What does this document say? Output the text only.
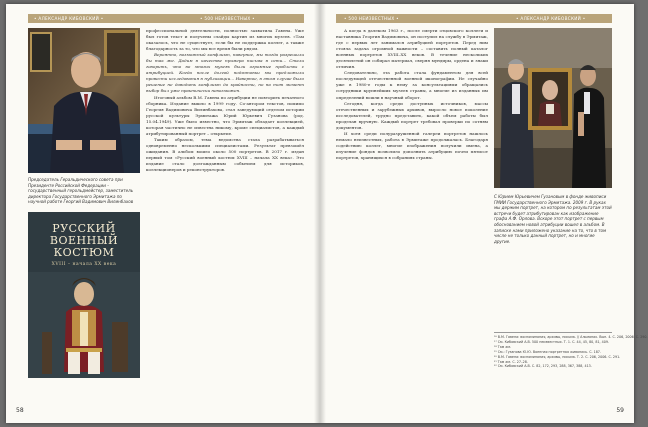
• АЛЕКСАНДР КИБОВСКИЙ •	• 500 НЕИЗВЕСТНЫХ •
Председатель Геральдического совета при Президенте Российской Федерации – государственный герольдмейстер, заместитель директора Государственного Эрмитажа по научной работе Георгий Вадимович Вилинбахов
РУССКИЙ
ВОЕННЫЙ
КОСТЮМ
XVIII – начала XX века

профессиональной деятельности, полностью захватила Гавена. Уже был готов текст и получены слайды картин из многих музеев. «Там оказалось, что не существует, если бы не поддержка коллег, а также благодарность за то, что мы все время были рядом.

Вероятно, возможный конфликт, наверное, мы тогда разрешили бы так же. Дадим в качестве примера письма в сети... Стали говорить, что во многих музеях были огромные проблемы с атрибуцией. Когда после долгой подготовки мы предложили провести исследования в публикации... Наверное, в этом случае было решение не доводить конфликт до крайности, но на тот момент выбор был уже практически невозможен.

Итоговый альбом В.М. Гавена по атрибуции не повторить печатного сборника. Издание вышло в 1999 году. Со-автором текстов, помимо Георгия Вадимовича Вилинбахова, стал заведующий отделом истории русской культуры Эрмитажа Юрий Юрьевич Гузанова (род. 15.04.1949). Уже было известно, что Эрмитаж обладает коллекцией, которая частично не известна никому, кроме специалистов, а каждый атрибутированный портрет – открытие.

Таким образом, тема ведомства стала разрабатываться одновременно несколькими специалистами. Результат превзошёл ожидания. В альбом вошло около 500 портретов. В 2017 г. издан первый том «Русский военный костюм XVIII – начала XX века». Это издание стало долгожданным событием для историков, коллекционеров и реконструкторов.

58
• 500 НЕИЗВЕСТНЫХ •	• АЛЕКСАНДР КИБОВСКИЙ •

А когда в далеком 1963 г., после смерти отцовского коллеги и наставника Георгия Вадимовича, он поступил на службу в Эрмитаж, где с первых лет занимался атрибуцией портретов. Перед ним стояла задача огромной важности – составить полный каталог военных портретов XVIII–XX веков. В течение нескольких десятилетий он собирал материал, сверяя мундиры, ордена и знаки отличия.

Следовательно, эта работа стала фундаментом для всей последующей отечественной военной иконографии. Не случайно уже в 1980-е годы к нему за консультациями обращались сотрудники крупнейших музеев страны, а многие из изданных им определений вошли в научный оборот.

Сегодня, когда среди доступных источников, массы отечественных и зарубежных архивов, выросло новое поколение исследователей, трудно представить, какой объем работы был проделан вручную. Каждый портрет требовал проверки по сотням документов.

И хотя среди полуразрушенной галереи портретов нашлось немало неизвестных, работа в Эрмитаже продолжалась. Благодаря содействию коллег, многие изображения получили имена, а изучение фондов позволило дополнить атрибуцию почти пятисот портретов, хранящихся в собраниях страны.

С Юрием Юрьевичем Гузановым в фонде живописи ГМИИ Государственного Эрмитажа. 2009 г. В руках мы держим портрет, на котором по результатам этой встречи будет атрибутирован как изображение графа А.Ф. Орлова. Вскоре этот портрет с первым обоснованием новой атрибуции вошел в альбом. В записке нами приложено указание на то, что в том числе не только данный портрет, но и многие другие.
¹⁶ В.М. Гавена: воспоминания, архивы, письма. // Альманах. Вып. 4. С. 206, 2006. С. 290.
¹⁷ См. Кибовский А.В. 500 неизвестных. Т. 1. С. 44, 45, 80, 81, 409.
¹⁸ Там же.
¹⁹ См.: Гузанова Ю.Ю. Военная портретная живопись. С. 187.
²⁰ В.М. Гавена: воспоминания, архивы, письма. Т. 2. С. 206, 2006. С. 291.
²¹ Там же. С. 27–28.
²² См. Кибовский А.В. С. 82, 172, 293, 288, 367, 388, 413.
59
